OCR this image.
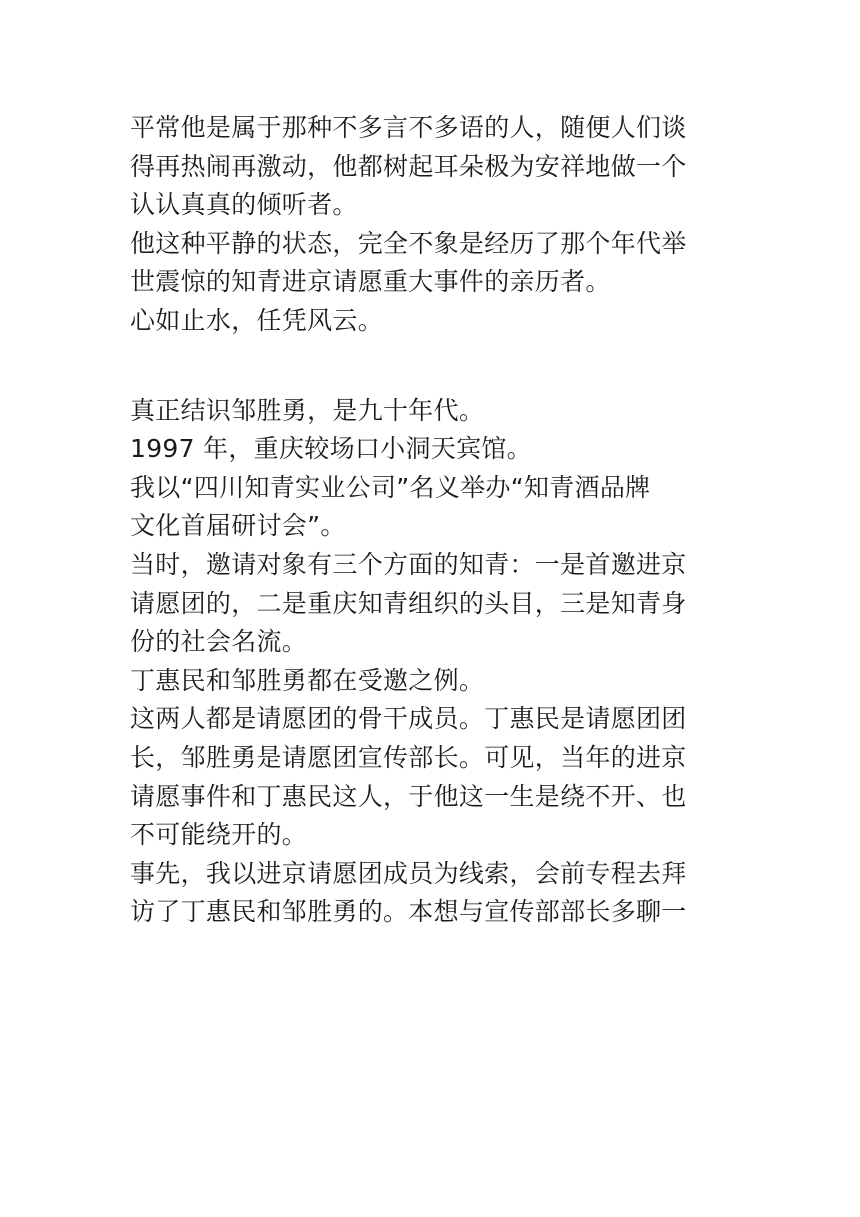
平常他是属于那种不多言不多语的人，随便人们谈
得再热闹再激动，他都树起耳朵极为安祥地做一个
认认真真的倾听者。
他这种平静的状态，完全不象是经历了那个年代举
世震惊的知青进京请愿重大事件的亲历者。
心如止水，任凭风云。
真正结识邹胜勇，是九十年代。
1997 年，重庆较场口小洞天宾馆。
我以“四川知青实业公司”名义举办“知青酒品牌
文化首届研讨会”。
当时，邀请对象有三个方面的知青：一是首邀进京
请愿团的，二是重庆知青组织的头目，三是知青身
份的社会名流。
丁惠民和邹胜勇都在受邀之例。
这两人都是请愿团的骨干成员。丁惠民是请愿团团
长，邹胜勇是请愿团宣传部长。可见，当年的进京
请愿事件和丁惠民这人，于他这一生是绕不开、也
不可能绕开的。
事先，我以进京请愿团成员为线索，会前专程去拜
访了丁惠民和邹胜勇的。本想与宣传部部长多聊一
